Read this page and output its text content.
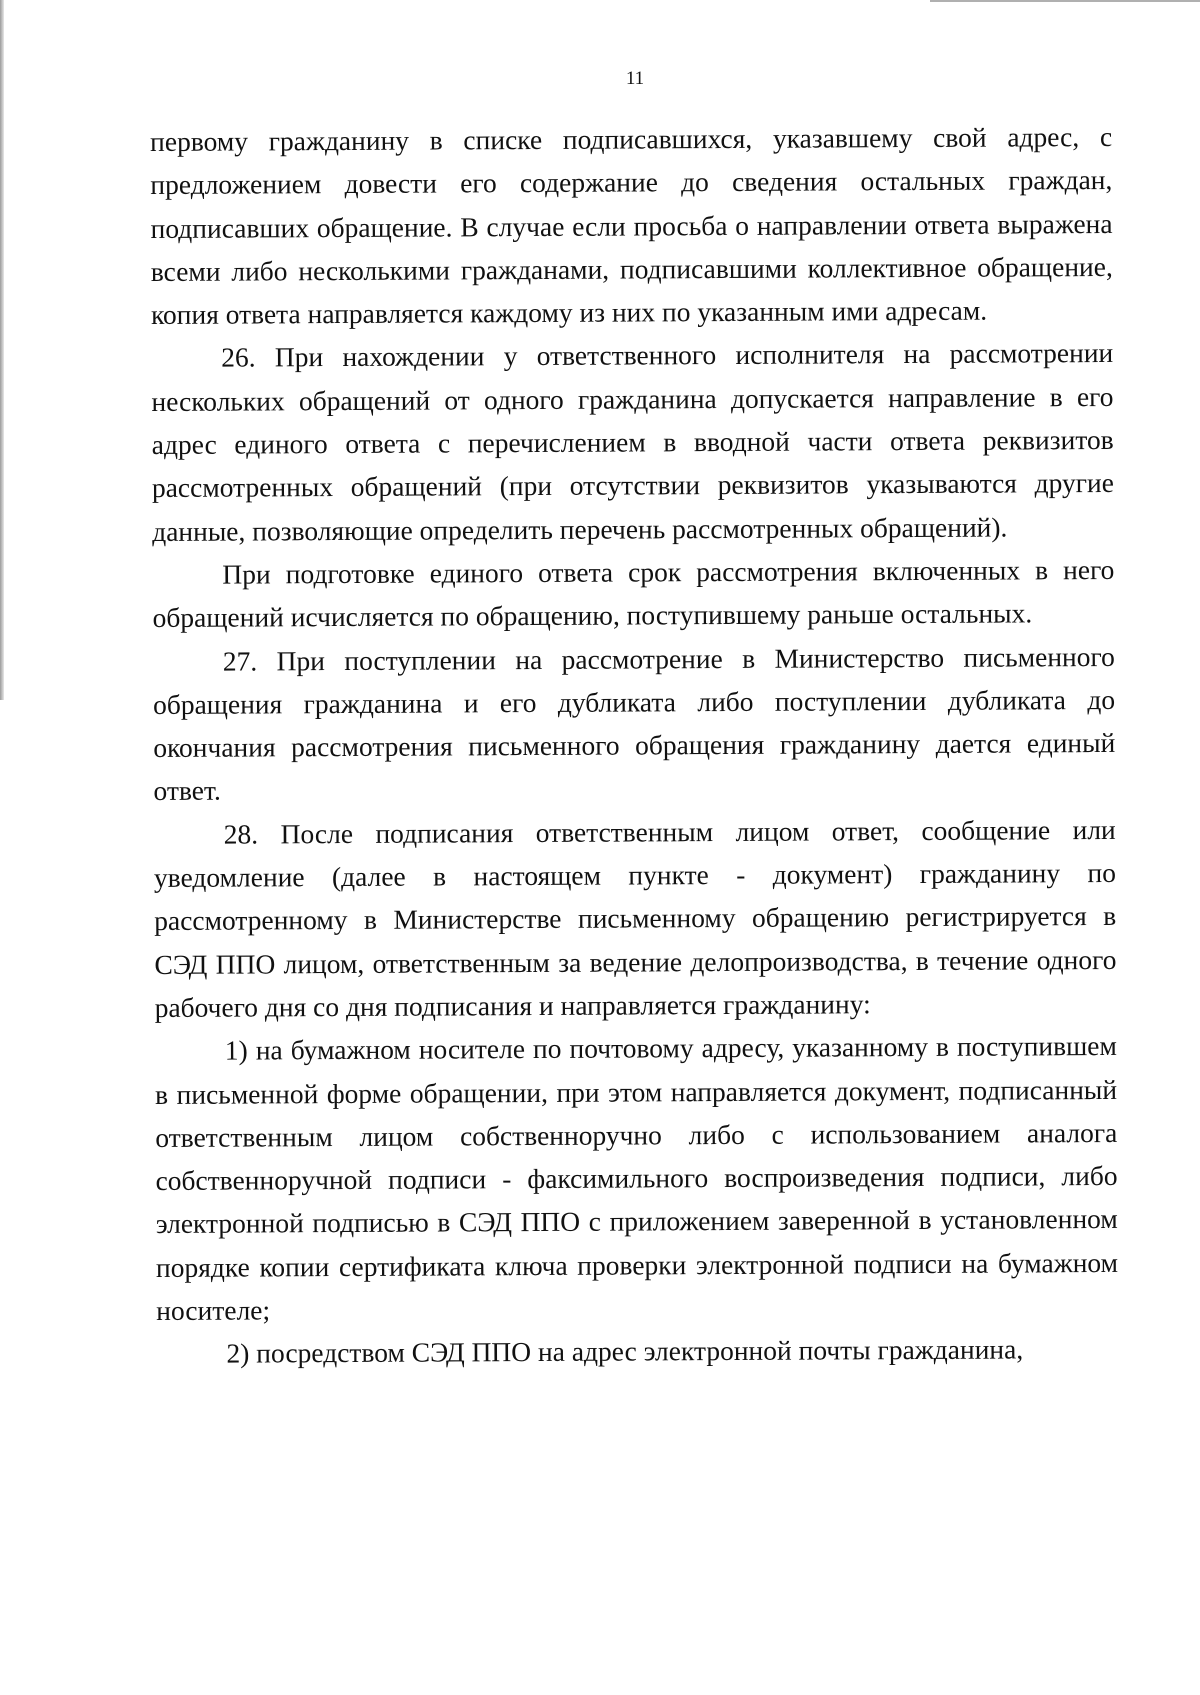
11

первому гражданину в списке подписавшихся, указавшему свой адрес, с предложением довести его содержание до сведения остальных граждан, подписавших обращение. В случае если просьба о направлении ответа выражена всеми либо несколькими гражданами, подписавшими коллективное обращение, копия ответа направляется каждому из них по указанным ими адресам.

26. При нахождении у ответственного исполнителя на рассмотрении нескольких обращений от одного гражданина допускается направление в его адрес единого ответа с перечислением в вводной части ответа реквизитов рассмотренных обращений (при отсутствии реквизитов указываются другие данные, позволяющие определить перечень рассмотренных обращений).

При подготовке единого ответа срок рассмотрения включенных в него обращений исчисляется по обращению, поступившему раньше остальных.

27. При поступлении на рассмотрение в Министерство письменного обращения гражданина и его дубликата либо поступлении дубликата до окончания рассмотрения письменного обращения гражданину дается единый ответ.

28. После подписания ответственным лицом ответ, сообщение или уведомление (далее в настоящем пункте - документ) гражданину по рассмотренному в Министерстве письменному обращению регистрируется в СЭД ППО лицом, ответственным за ведение делопроизводства, в течение одного рабочего дня со дня подписания и направляется гражданину:

1) на бумажном носителе по почтовому адресу, указанному в поступившем в письменной форме обращении, при этом направляется документ, подписанный ответственным лицом собственноручно либо с использованием аналога собственноручной подписи - факсимильного воспроизведения подписи, либо электронной подписью в СЭД ППО с приложением заверенной в установленном порядке копии сертификата ключа проверки электронной подписи на бумажном носителе;

2) посредством СЭД ППО на адрес электронной почты гражданина,
